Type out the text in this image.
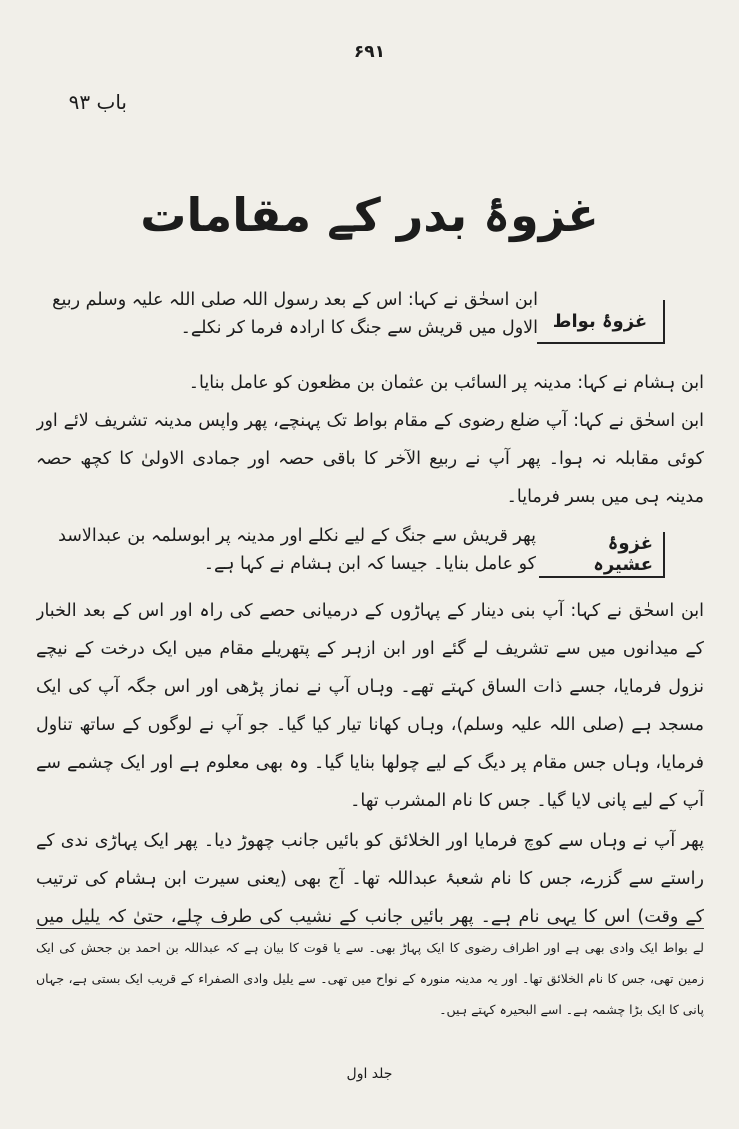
۶۹۱
باب ۹۳
غزوۂ بدر کے مقامات
غزوۂ بواط
ابن اسحٰق نے کہا: اس کے بعد رسول اللہ صلی اللہ علیہ وسلم ربیع الاول میں قریش سے جنگ کا ارادہ فرما کر نکلے۔
ابن ہشام نے کہا: مدینہ پر السائب بن عثمان بن مظعون کو عامل بنایا۔
ابن اسحٰق نے کہا: آپ ضلع رضوی کے مقام بواط تک پہنچے، پھر واپس مدینہ تشریف لائے اور کوئی مقابلہ نہ ہوا۔ پھر آپ نے ربیع الآخر کا باقی حصہ اور جمادی الاولیٰ کا کچھ حصہ مدینہ ہی میں بسر فرمایا۔
غزوۂ عشیرہ
پھر قریش سے جنگ کے لیے نکلے اور مدینہ پر ابوسلمہ بن عبدالاسد کو عامل بنایا۔ جیسا کہ ابن ہشام نے کہا ہے۔
ابن اسحٰق نے کہا: آپ بنی دینار کے پہاڑوں کے درمیانی حصے کی راہ اور اس کے بعد الخبار کے میدانوں میں سے تشریف لے گئے اور ابن ازہر کے پتھریلے مقام میں ایک درخت کے نیچے نزول فرمایا، جسے ذات الساق کہتے تھے۔ وہاں آپ نے نماز پڑھی اور اس جگہ آپ کی ایک مسجد ہے (صلی اللہ علیہ وسلم)، وہاں کھانا تیار کیا گیا۔ جو آپ نے لوگوں کے ساتھ تناول فرمایا، وہاں جس مقام پر دیگ کے لیے چولھا بنایا گیا۔ وہ بھی معلوم ہے اور ایک چشمے سے آپ کے لیے پانی لایا گیا۔ جس کا نام المشرب تھا۔
پھر آپ نے وہاں سے کوچ فرمایا اور الخلائق کو بائیں جانب چھوڑ دیا۔ پھر ایک پہاڑی ندی کے راستے سے گزرے، جس کا نام شعبۂ عبداللہ تھا۔ آج بھی (یعنی سیرت ابن ہشام کی ترتیب کے وقت) اس کا یہی نام ہے۔ پھر بائیں جانب کے نشیب کی طرف چلے، حتیٰ کہ یلیل میں
لے بواط ایک وادی بھی ہے اور اطراف رضوی کا ایک پہاڑ بھی۔ سے یا قوت کا بیان ہے کہ عبداللہ بن احمد بن جحش کی ایک زمین تھی، جس کا نام الخلائق تھا۔ اور یہ مدینہ منورہ کے نواح میں تھی۔ سے یلیل وادی الصفراء کے قریب ایک بستی ہے، جہاں پانی کا ایک بڑا چشمہ ہے۔ اسے البحیرہ کہتے ہیں۔
جلد اول
